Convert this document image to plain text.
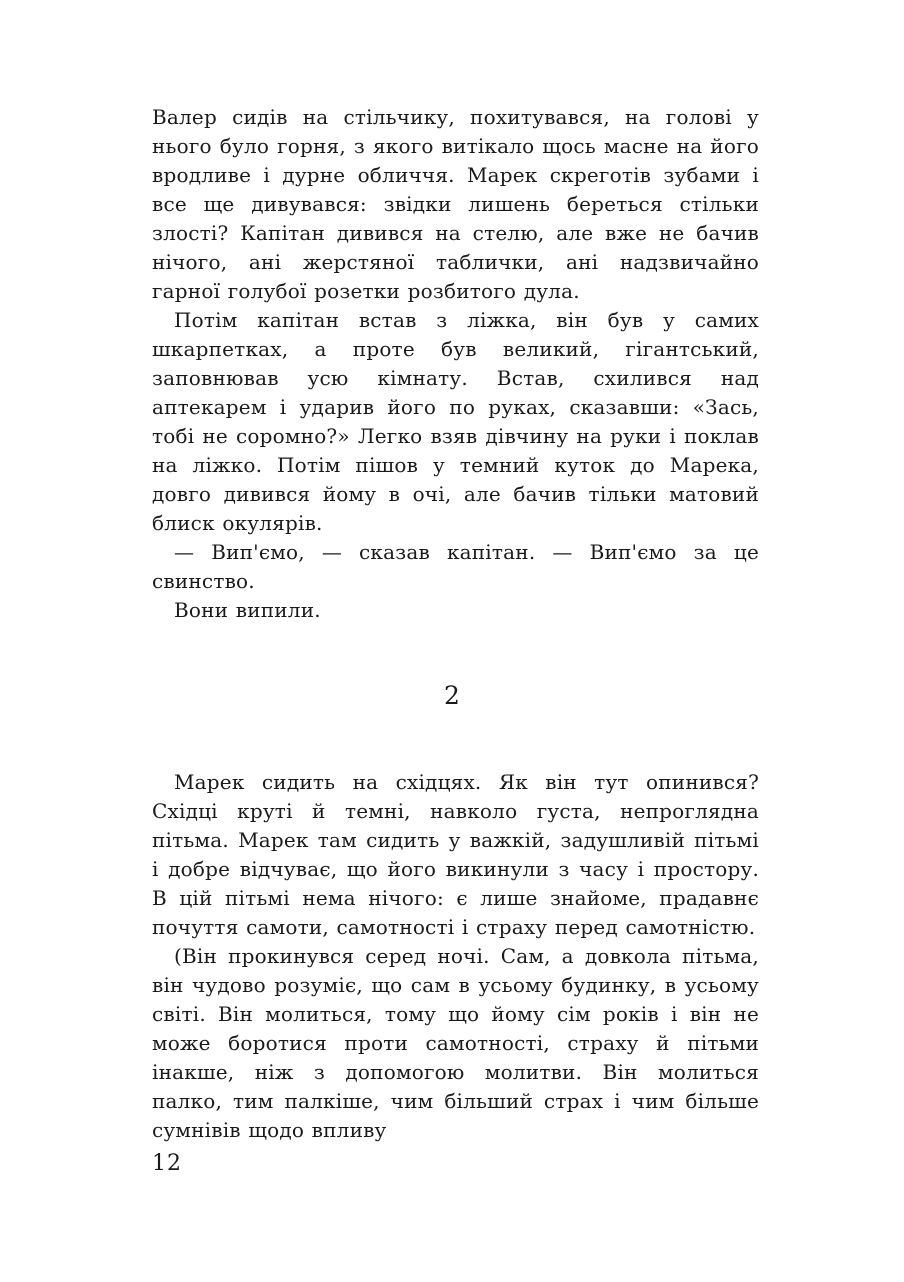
Валер сидів на стільчику, похитувався, на голові у нього було горня, з якого витікало щось масне на його вродливе і дурне обличчя. Марек скреготів зубами і все ще дивувався: звідки лишень береться стільки злості? Капітан дивився на стелю, але вже не бачив нічого, ані жерстяної таблички, ані надзвичайно гарної голубої розетки розбитого дула.

Потім капітан встав з ліжка, він був у самих шкарпетках, а проте був великий, гігантський, заповнював усю кімнату. Встав, схилився над аптекарем і ударив його по руках, сказавши: «Зась, тобі не соромно?» Легко взяв дівчину на руки і поклав на ліжко. Потім пішов у темний куток до Марека, довго дивився йому в очі, але бачив тільки матовий блиск окулярів.

— Вип'ємо, — сказав капітан. — Вип'ємо за це свинство.

Вони випили.

2

Марек сидить на східцях. Як він тут опинився? Східці круті й темні, навколо густа, непроглядна пітьма. Марек там сидить у важкій, задушливій пітьмі і добре відчуває, що його викинули з часу і простору. В цій пітьмі нема нічого: є лише знайоме, прадавнє почуття самоти, самотності і страху перед самотністю.

(Він прокинувся серед ночі. Сам, а довкола пітьма, він чудово розуміє, що сам в усьому будинку, в усьому світі. Він молиться, тому що йому сім років і він не може боротися проти самотності, страху й пітьми інакше, ніж з допомогою молитви. Він молиться палко, тим палкіше, чим більший страх і чим більше сумнівів щодо впливу

12
